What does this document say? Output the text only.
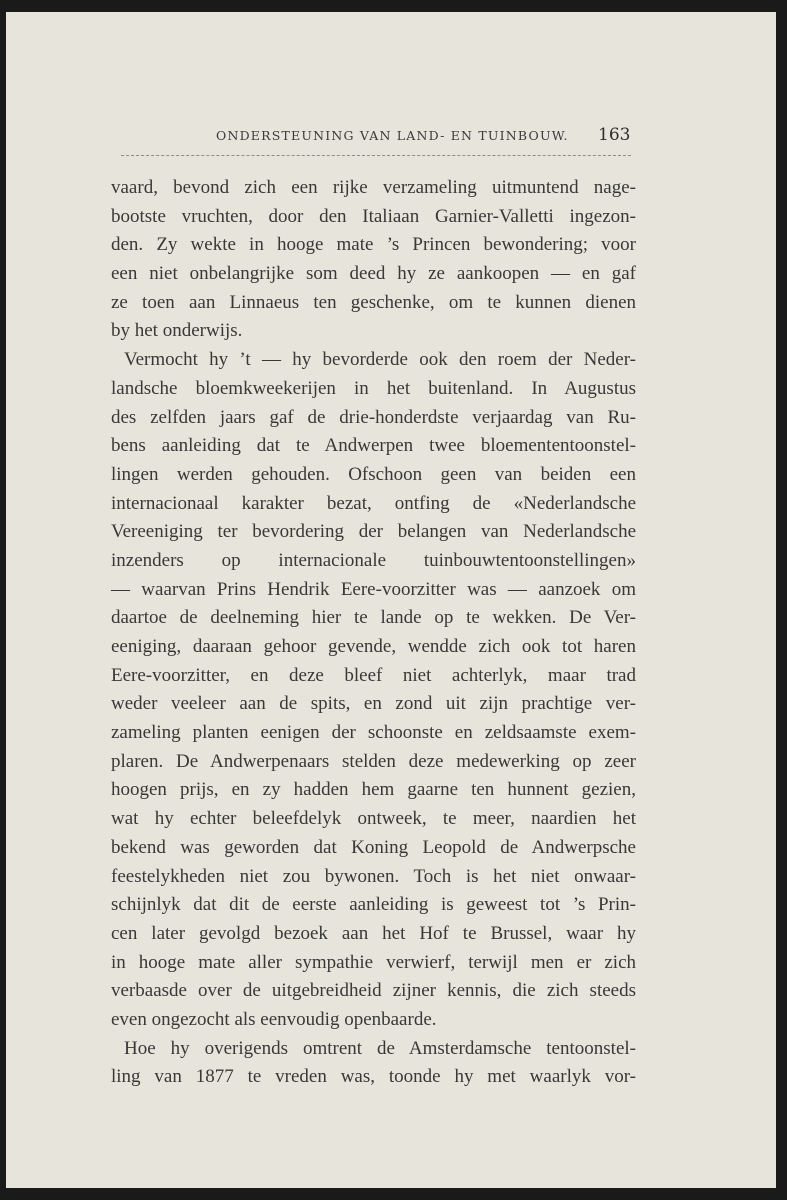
ONDERSTEUNING VAN LAND- EN TUINBOUW. 163
vaard, bevond zich een rijke verzameling uitmuntend nage-
bootste vruchten, door den Italiaan Garnier-Valletti ingezon-
den. Zy wekte in hooge mate ’s Princen bewondering; voor
een niet onbelangrijke som deed hy ze aankoopen — en gaf
ze toen aan Linnaeus ten geschenke, om te kunnen dienen
by het onderwijs.
Vermocht hy ’t — hy bevorderde ook den roem der Neder-
landsche bloemkweekerijen in het buitenland. In Augustus
des zelfden jaars gaf de drie-honderdste verjaardag van Ru-
bens aanleiding dat te Andwerpen twee bloemententoonstel-
lingen werden gehouden. Ofschoon geen van beiden een
internacionaal karakter bezat, ontfing de «Nederlandsche
Vereeniging ter bevordering der belangen van Nederlandsche
inzenders op internacionale tuinbouwtentoonstellingen»
— waarvan Prins Hendrik Eere-voorzitter was — aanzoek om
daartoe de deelneming hier te lande op te wekken. De Ver-
eeniging, daaraan gehoor gevende, wendde zich ook tot haren
Eere-voorzitter, en deze bleef niet achterlyk, maar trad
weder veeleer aan de spits, en zond uit zijn prachtige ver-
zameling planten eenigen der schoonste en zeldsaamste exem-
plaren. De Andwerpenaars stelden deze medewerking op zeer
hoogen prijs, en zy hadden hem gaarne ten hunnent gezien,
wat hy echter beleefdelyk ontweek, te meer, naardien het
bekend was geworden dat Koning Leopold de Andwerpsche
feestelykheden niet zou bywonen. Toch is het niet onwaar-
schijnlyk dat dit de eerste aanleiding is geweest tot ’s Prin-
cen later gevolgd bezoek aan het Hof te Brussel, waar hy
in hooge mate aller sympathie verwierf, terwijl men er zich
verbaasde over de uitgebreidheid zijner kennis, die zich steeds
even ongezocht als eenvoudig openbaarde.
Hoe hy overigends omtrent de Amsterdamsche tentoonstel-
ling van 1877 te vreden was, toonde hy met waarlyk vor-
